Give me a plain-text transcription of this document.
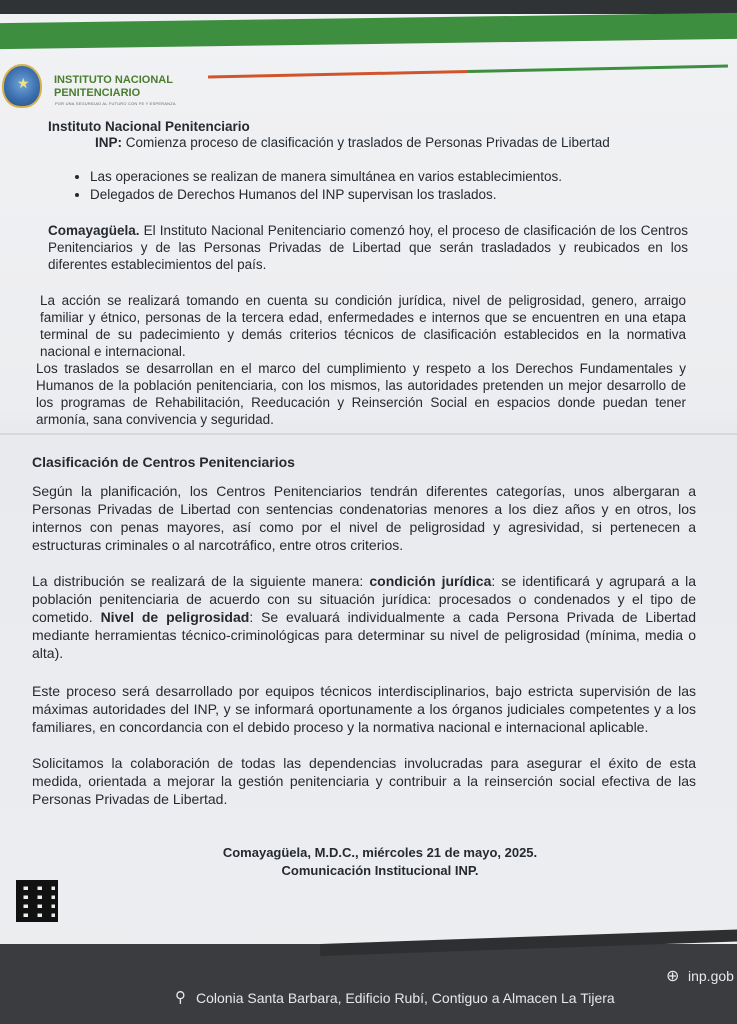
★ INSTITUTO NACIONAL
PENITENCIARIO
POR UNA SEGURIDAD AL FUTURO CON FE Y ESPERANZA
Instituto Nacional Penitenciario
INP: Comienza proceso de clasificación y traslados de Personas Privadas de Libertad
• Las operaciones se realizan de manera simultánea en varios establecimientos.
• Delegados de Derechos Humanos del INP supervisan los traslados.

Comayagüela. El Instituto Nacional Penitenciario comenzó hoy, el proceso de clasificación de los Centros Penitenciarios y de las Personas Privadas de Libertad que serán trasladados y reubicados en los diferentes establecimientos del país.

La acción se realizará tomando en cuenta su condición jurídica, nivel de peligrosidad, genero, arraigo familiar y étnico, personas de la tercera edad, enfermedades e internos que se encuentren en una etapa terminal de su padecimiento y demás criterios técnicos de clasificación establecidos en la normativa nacional e internacional.

Los traslados se desarrollan en el marco del cumplimiento y respeto a los Derechos Fundamentales y Humanos de la población penitenciaria, con los mismos, las autoridades pretenden un mejor desarrollo de los programas de Rehabilitación, Reeducación y Reinserción Social en espacios donde puedan tener armonía, sana convivencia y seguridad.

Clasificación de Centros Penitenciarios

Según la planificación, los Centros Penitenciarios tendrán diferentes categorías, unos albergaran a Personas Privadas de Libertad con sentencias condenatorias menores a los diez años y en otros, los internos con penas mayores, así como por el nivel de peligrosidad y agresividad, si pertenecen a estructuras criminales o al narcotráfico, entre otros criterios.

La distribución se realizará de la siguiente manera: condición jurídica: se identificará y agrupará a la población penitenciaria de acuerdo con su situación jurídica: procesados o condenados y el tipo de cometido. Nivel de peligrosidad: Se evaluará individualmente a cada Persona Privada de Libertad mediante herramientas técnico-criminológicas para determinar su nivel de peligrosidad (mínima, media o alta).

Este proceso será desarrollado por equipos técnicos interdisciplinarios, bajo estricta supervisión de las máximas autoridades del INP, y se informará oportunamente a los órganos judiciales competentes y a los familiares, en concordancia con el debido proceso y la normativa nacional e internacional aplicable.

Solicitamos la colaboración de todas las dependencias involucradas para asegurar el éxito de esta medida, orientada a mejorar la gestión penitenciaria y contribuir a la reinserción social efectiva de las Personas Privadas de Libertad.

Comayagüela, M.D.C., miércoles 21 de mayo, 2025.
Comunicación Institucional INP.
⚲ Colonia Santa Barbara, Edificio Rubí, Contiguo a Almacen La Tijera
⊕ inp.gob
